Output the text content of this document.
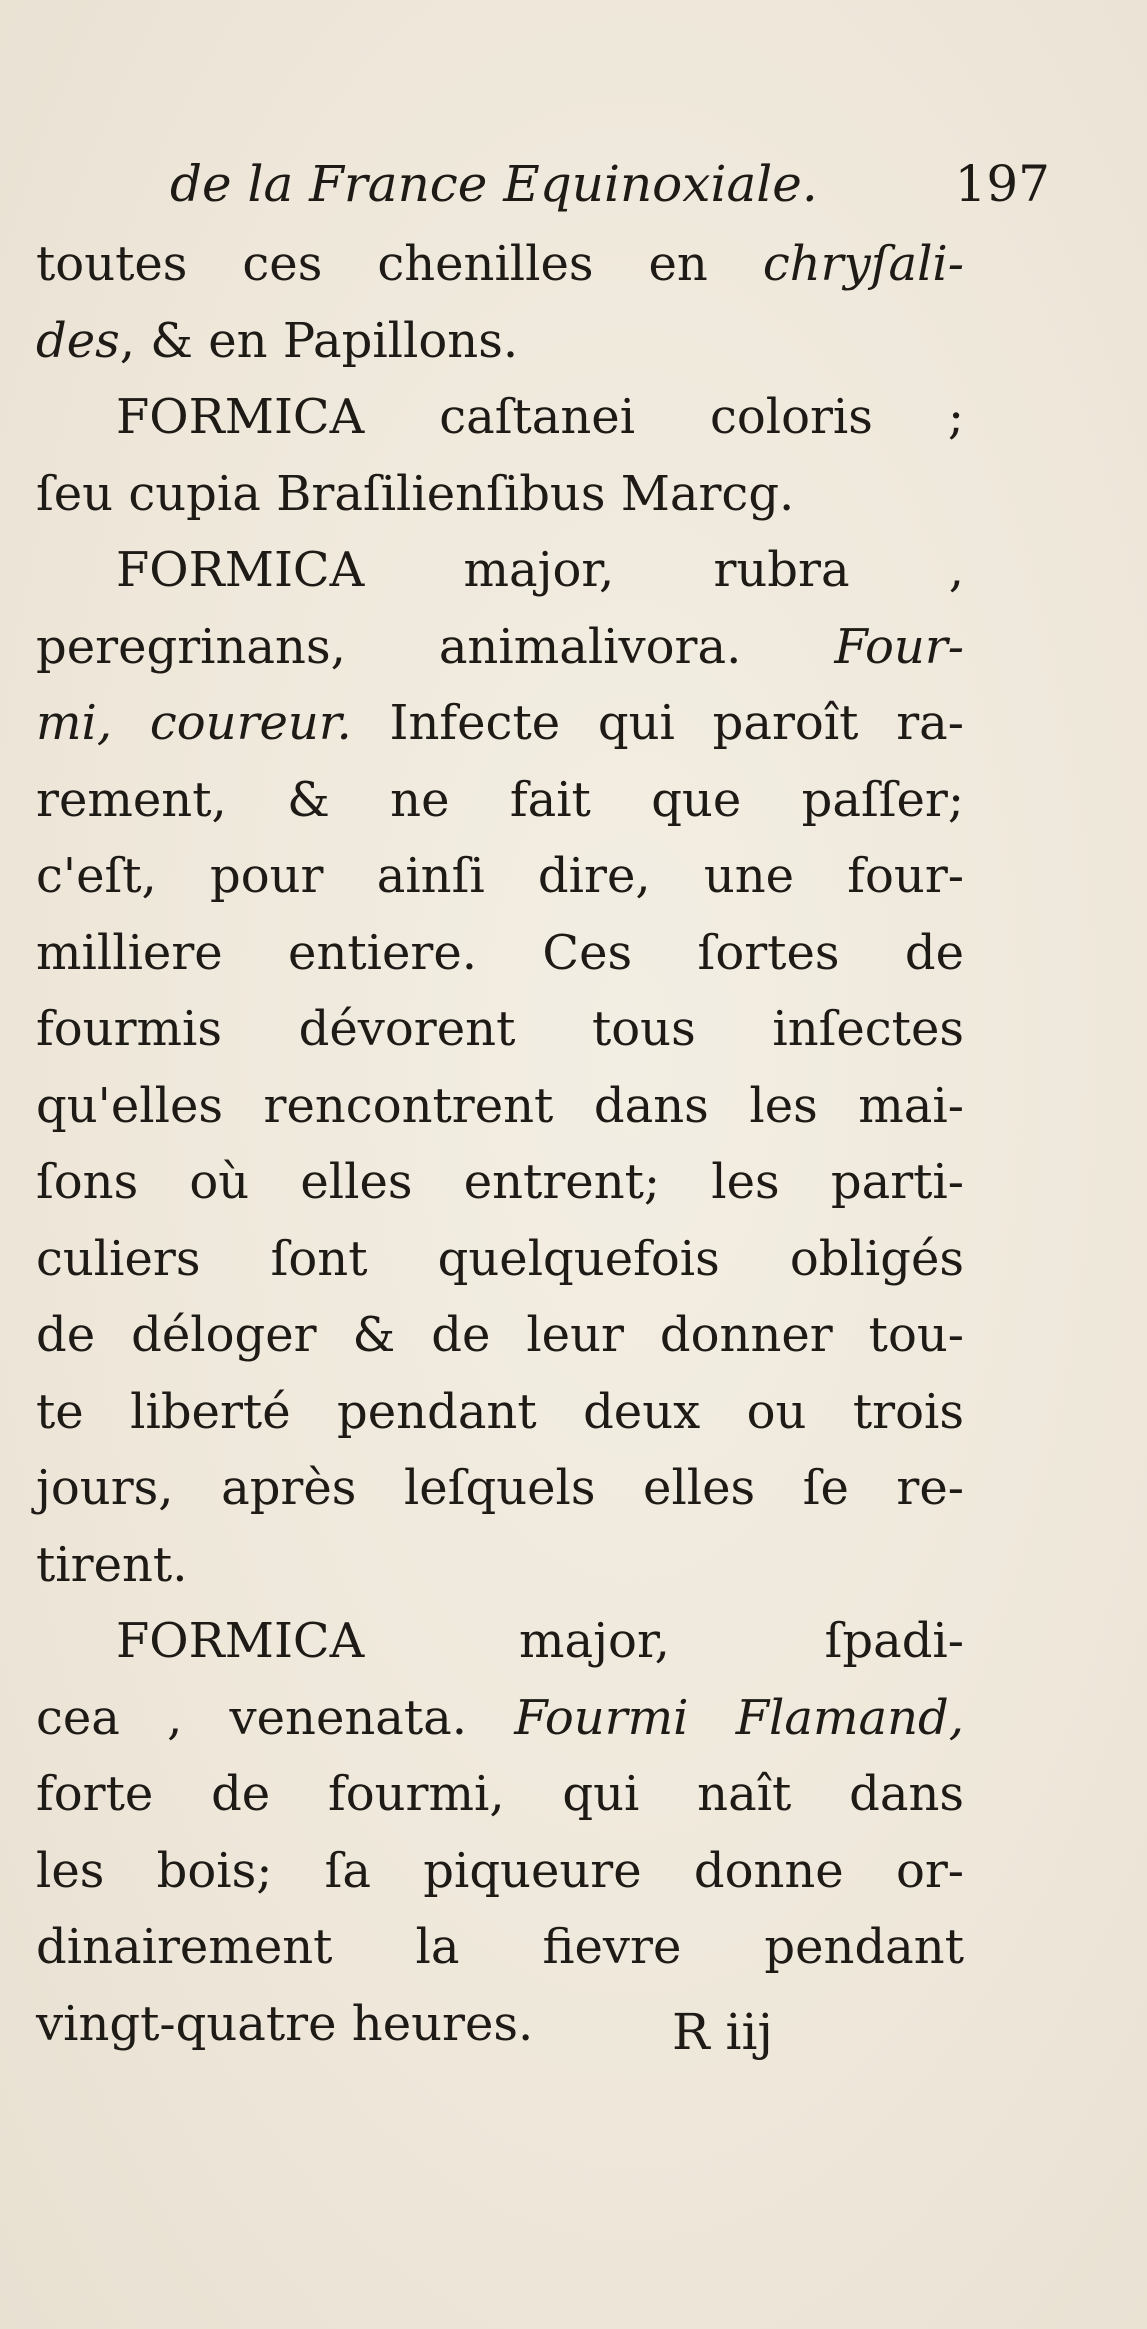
de la France Equinoxiale.	197
toutes ces chenilles en chryſali-
des, & en Papillons.
FORMICA caſtanei coloris ;
ſeu cupia Braſilienſibus Marcg.
FORMICA major, rubra ,
peregrinans, animalivora. Four-
mi, coureur. Infecte qui paroît ra-
rement, & ne fait que paſſer;
c'eſt, pour ainſi dire, une four-
milliere entiere. Ces ſortes de
fourmis dévorent tous inſectes
qu'elles rencontrent dans les mai-
ſons où elles entrent; les parti-
culiers ſont quelquefois obligés
de déloger & de leur donner tou-
te liberté pendant deux ou trois
jours, après leſquels elles ſe re-
tirent.
FORMICA major, ſpadi-
cea , venenata. Fourmi Flamand,
forte de fourmi, qui naît dans
les bois; ſa piqueure donne or-
dinairement la fievre pendant
vingt-quatre heures.	R iij
